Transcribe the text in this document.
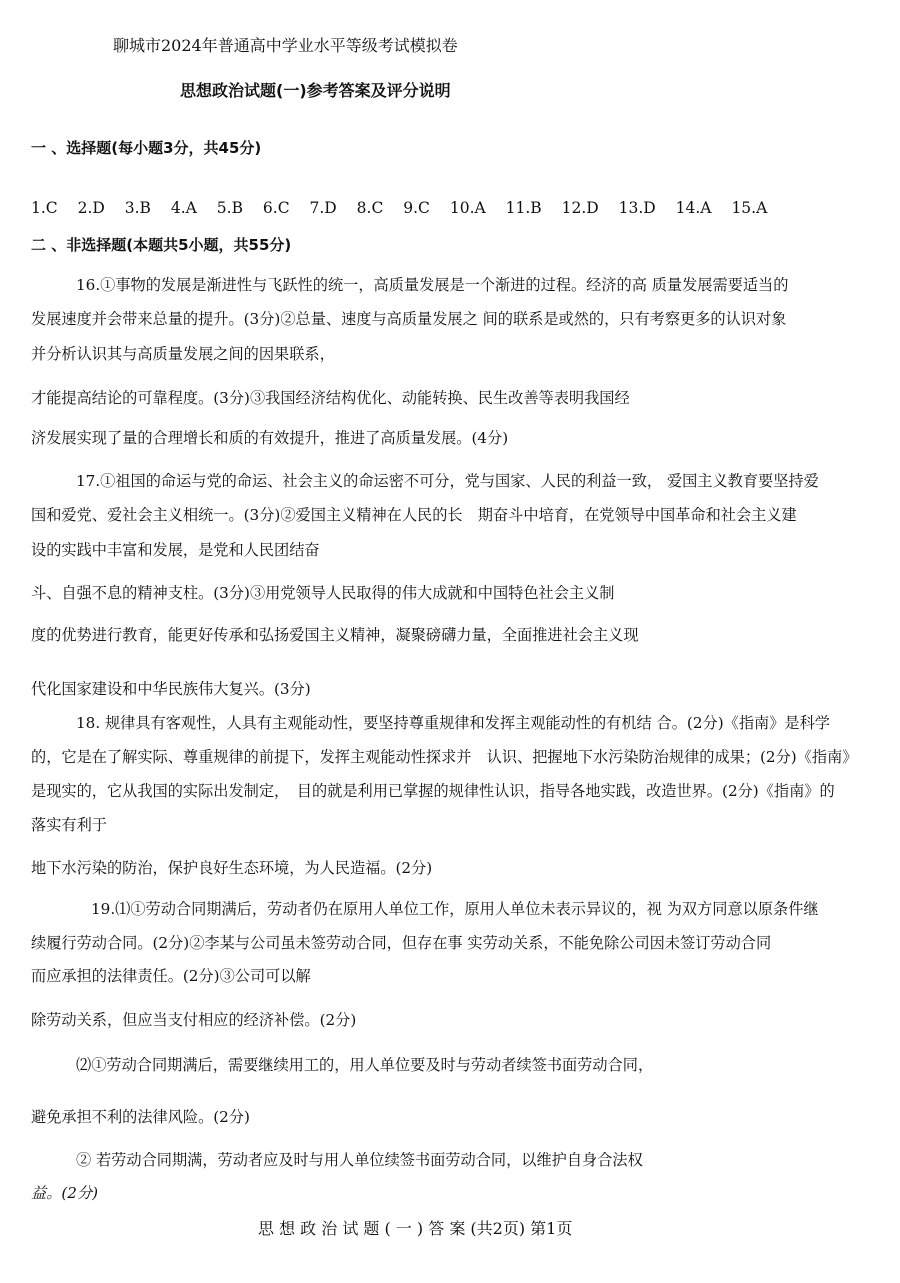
聊城市2024年普通高中学业水平等级考试模拟卷
思想政治试题(一)参考答案及评分说明
一 、选择题(每小题3分，共45分)
1.C 2.D 3.B 4.A 5.B 6.C 7.D 8.C 9.C 10.A 11.B 12.D 13.D 14.A 15.A
二 、非选择题(本题共5小题，共55分)
16.①事物的发展是渐进性与飞跃性的统一，高质量发展是一个渐进的过程。经济的高 质量发展需要适当的
发展速度并会带来总量的提升。(3分)②总量、速度与高质量发展之 间的联系是或然的，只有考察更多的认识对象
并分析认识其与高质量发展之间的因果联系，
才能提高结论的可靠程度。(3分)③我国经济结构优化、动能转换、民生改善等表明我国经
济发展实现了量的合理增长和质的有效提升，推进了高质量发展。(4分)
17.①祖国的命运与党的命运、社会主义的命运密不可分，党与国家、人民的利益一致， 爱国主义教育要坚持爱
国和爱党、爱社会主义相统一。(3分)②爱国主义精神在人民的长　期奋斗中培育，在党领导中国革命和社会主义建
设的实践中丰富和发展，是党和人民团结奋
斗、自强不息的精神支柱。(3分)③用党领导人民取得的伟大成就和中国特色社会主义制
度的优势进行教育，能更好传承和弘扬爱国主义精神，凝聚磅礴力量，全面推进社会主义现
代化国家建设和中华民族伟大复兴。(3分)
18. 规律具有客观性，人具有主观能动性，要坚持尊重规律和发挥主观能动性的有机结 合。(2分)《指南》是科学
的，它是在了解实际、尊重规律的前提下，发挥主观能动性探求并　认识、把握地下水污染防治规律的成果；(2分)《指南》
是现实的，它从我国的实际出发制定，　目的就是利用已掌握的规律性认识，指导各地实践，改造世界。(2分)《指南》的
落实有利于
地下水污染的防治，保护良好生态环境，为人民造福。(2分)
19.⑴①劳动合同期满后，劳动者仍在原用人单位工作，原用人单位未表示异议的，视 为双方同意以原条件继
续履行劳动合同。(2分)②李某与公司虽未签劳动合同，但存在事 实劳动关系，不能免除公司因未签订劳动合同
而应承担的法律责任。(2分)③公司可以解
除劳动关系，但应当支付相应的经济补偿。(2分)
⑵①劳动合同期满后，需要继续用工的，用人单位要及时与劳动者续签书面劳动合同，
避免承担不利的法律风险。(2分)
② 若劳动合同期满，劳动者应及时与用人单位续签书面劳动合同，以维护自身合法权
益。(2分)
思 想 政 治 试 题 ( 一 ) 答 案 (共2页) 第1页
